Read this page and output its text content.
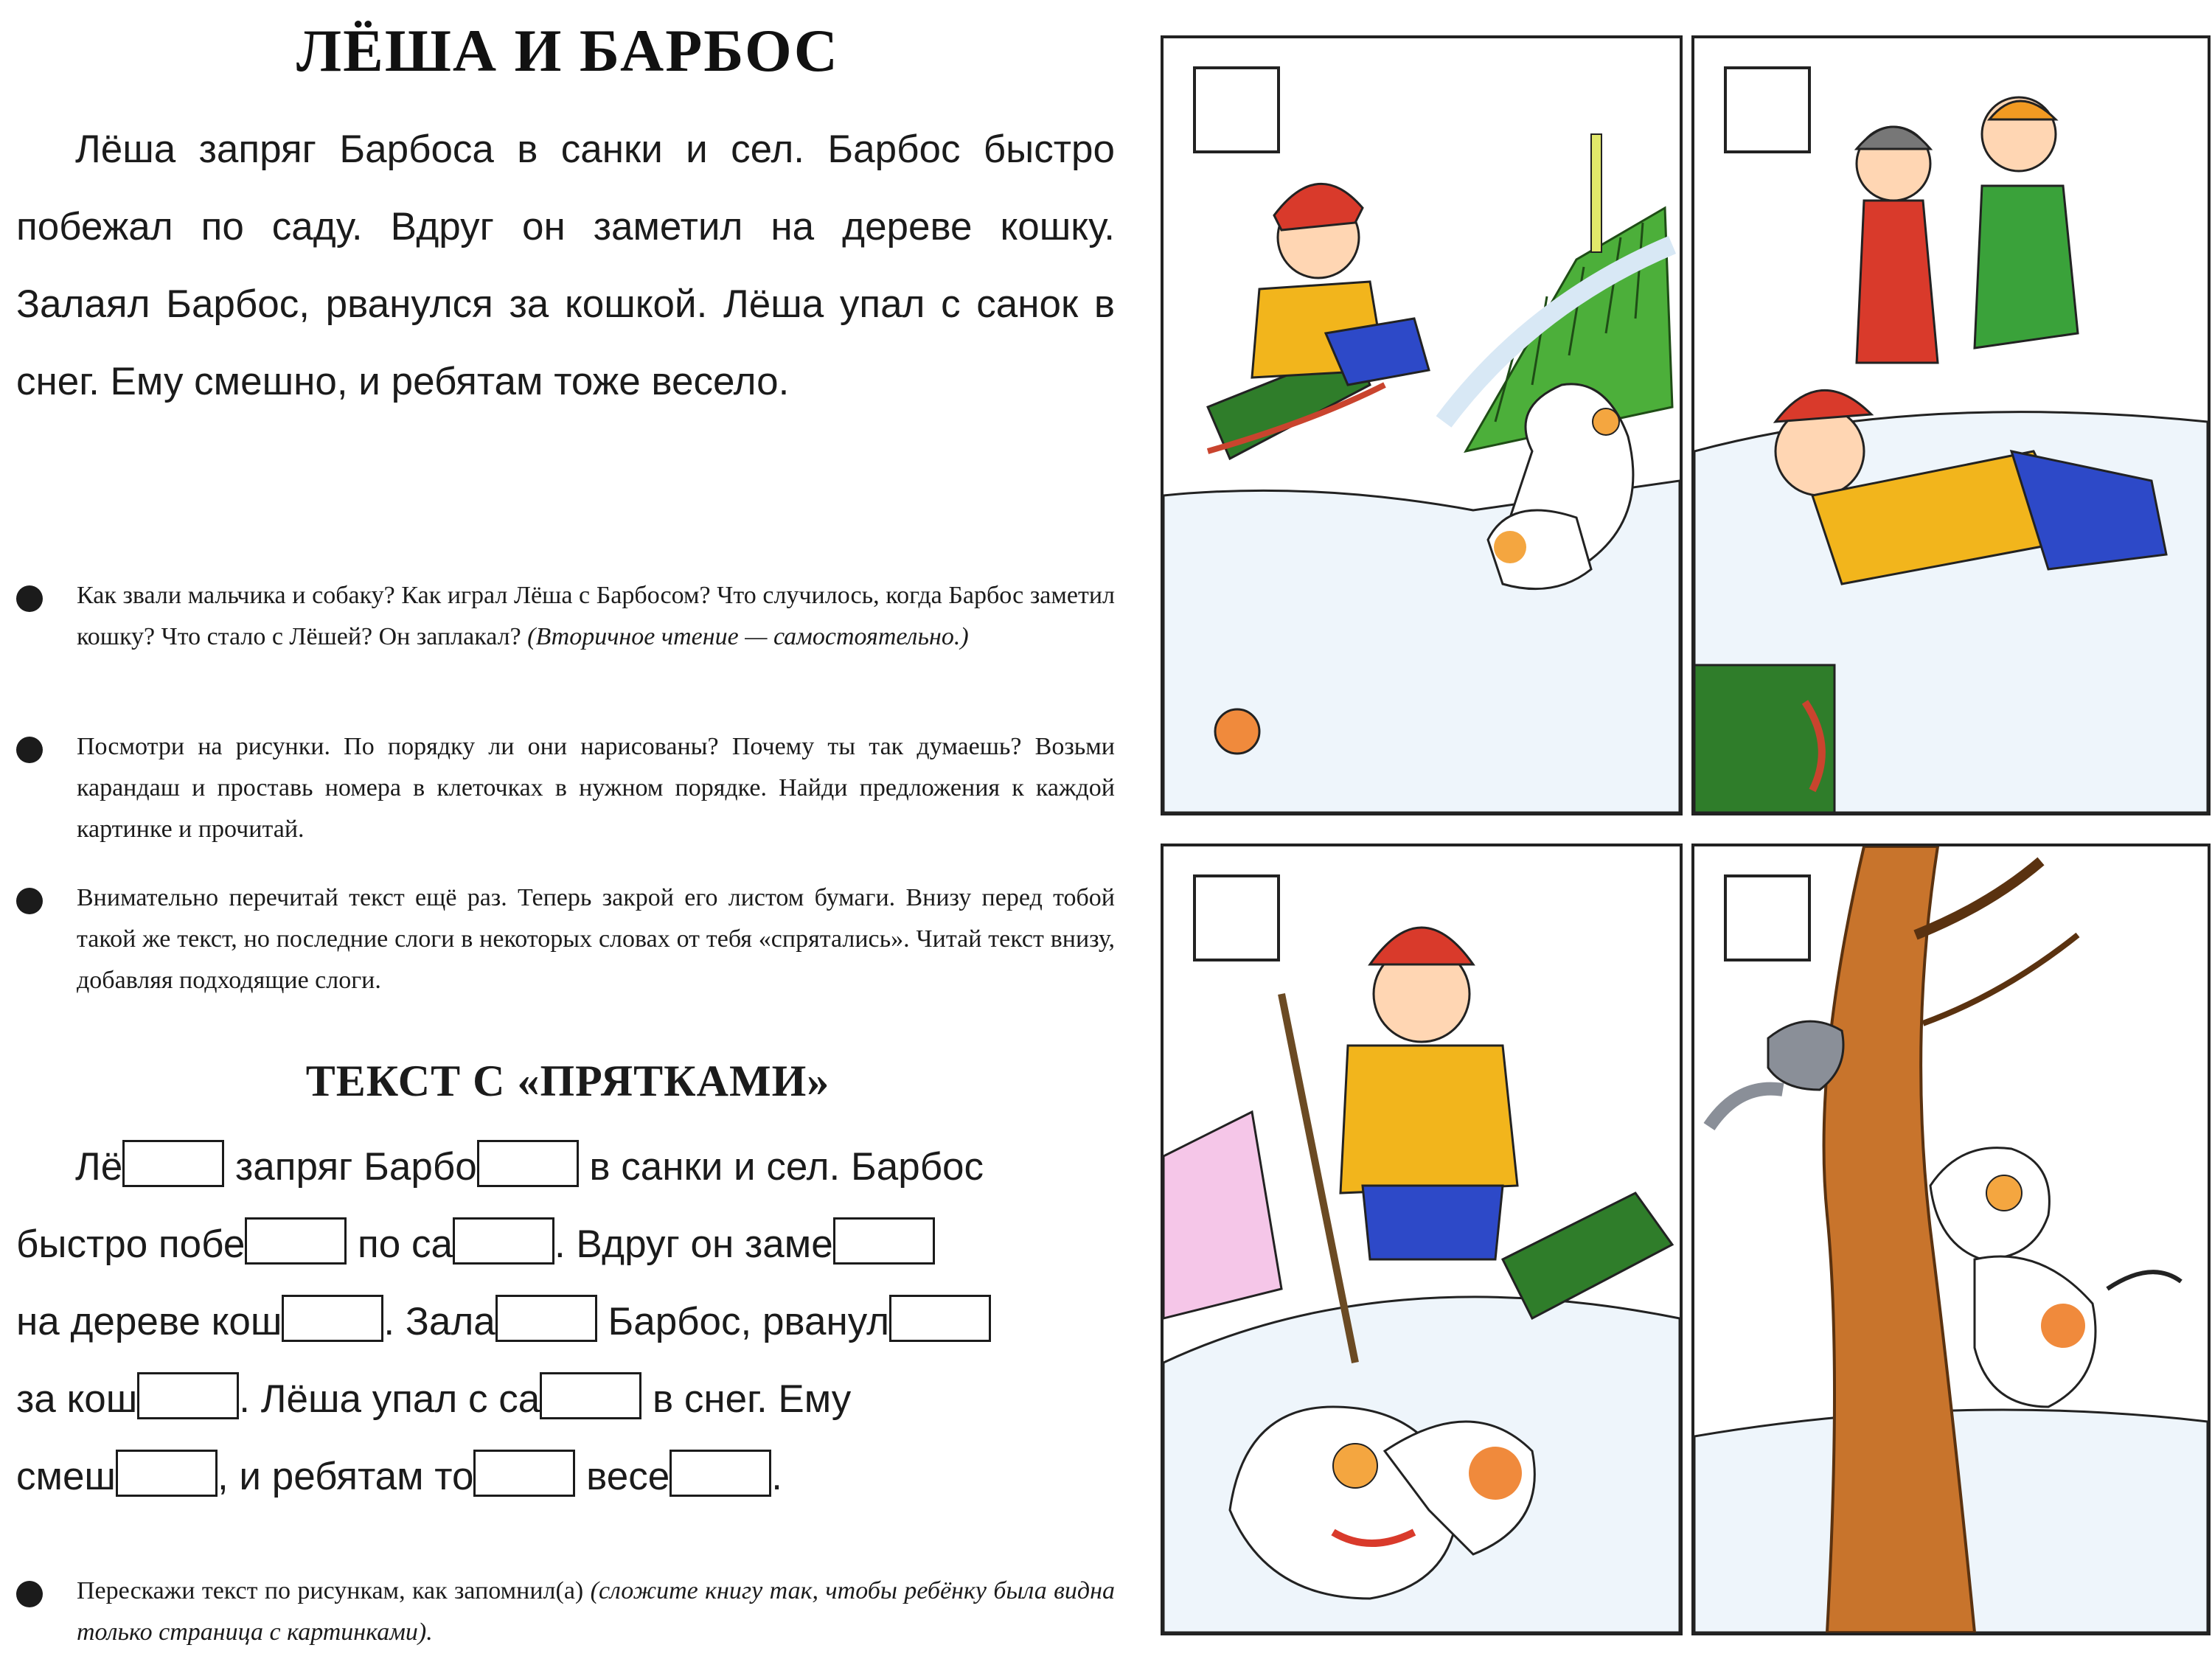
ЛЁША И БАРБОС

Лёша запряг Барбоса в санки и сел. Барбос быстро побежал по саду. Вдруг он заметил на дереве кошку. Залаял Барбос, рванулся за кошкой. Лёша упал с санок в снег. Ему смешно, и ребятам тоже весело.

Как звали мальчика и собаку? Как играл Лёша с Барбосом? Что случилось, когда Барбос заметил кошку? Что стало с Лёшей? Он заплакал? (Вторичное чтение — самостоятельно.)
Посмотри на рисунки. По порядку ли они нарисованы? Почему ты так думаешь? Возьми карандаш и проставь номера в клеточках в нужном порядке. Найди предложения к каждой картинке и прочитай.
Внимательно перечитай текст ещё раз. Теперь закрой его листом бумаги. Внизу перед тобой такой же текст, но последние слоги в некоторых словах от тебя «спрятались». Читай текст внизу, добавляя подходящие слоги.
ТЕКСТ С «ПРЯТКАМИ»

Лё	запряг Барбо	в санки и сел. Барбос

быстро побе	по са	. Вдруг он заме

на дереве кош	. Зала	Барбос, рванул

за кош	. Лёша упал с са	в снег. Ему

смеш	, и ребятам то	весе	.

Перескажи текст по рисункам, как запомнил(а) (сложите книгу так, чтобы ребёнку была видна только страница с картинками).
